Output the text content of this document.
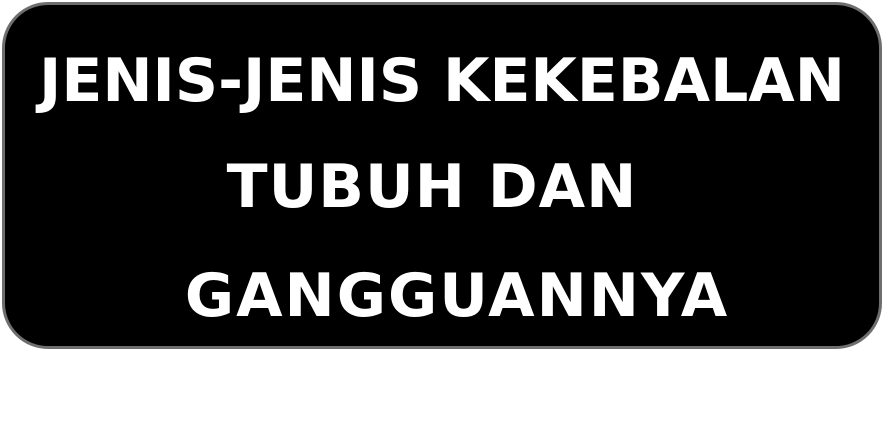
JENIS-JENIS KEKEBALAN
TUBUH DAN
GANGGUANNYA
